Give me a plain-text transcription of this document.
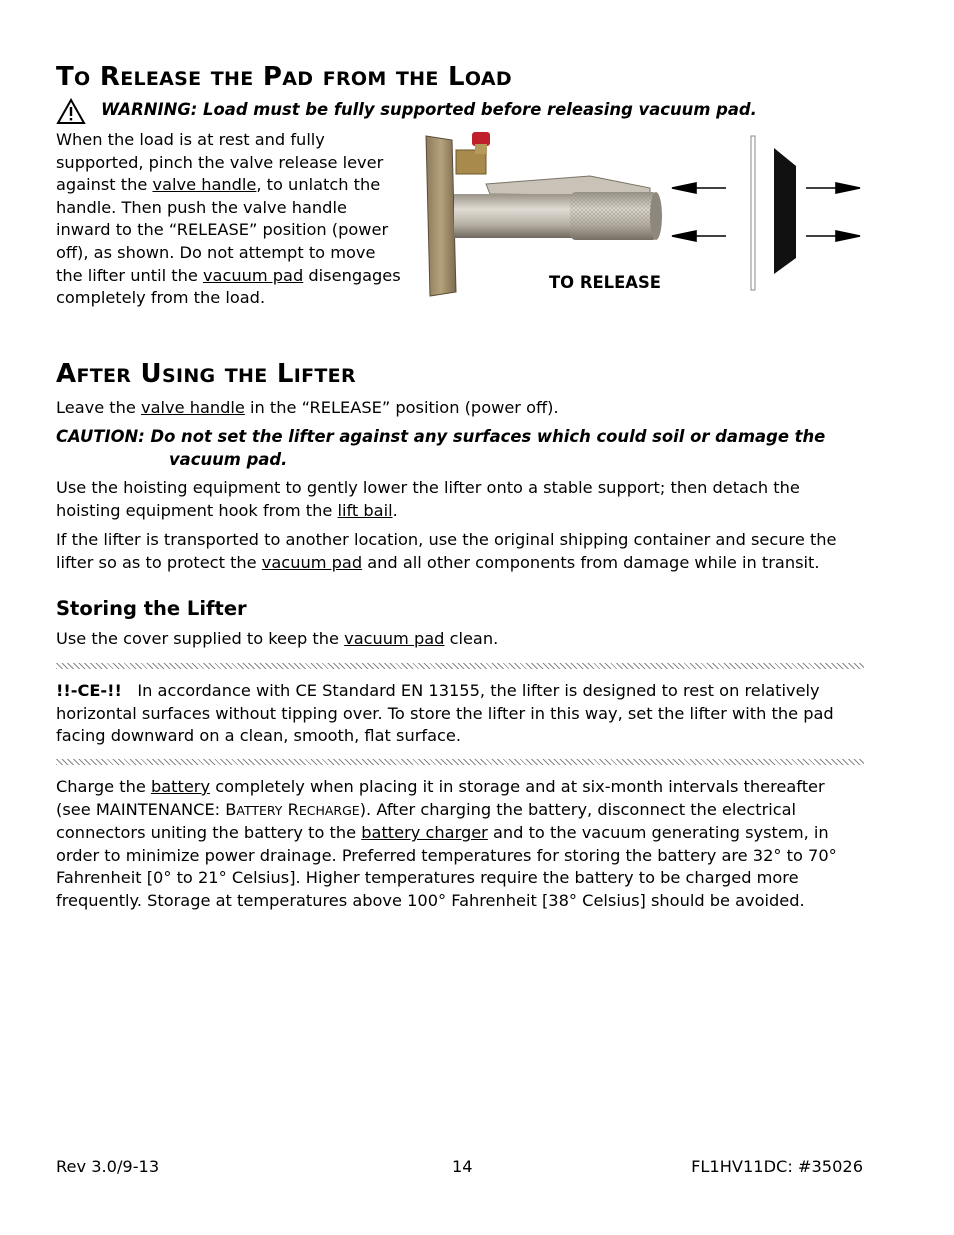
TO RELEASE THE PAD FROM THE LOAD
WARNING: Load must be fully supported before releasing vacuum pad.

When the load is at rest and fully

supported, pinch the valve release lever

against the valve handle, to unlatch the

handle. Then push the valve handle

inward to the “RELEASE” position (power

off), as shown. Do not attempt to move

the lifter until the vacuum pad disengages

completely from the load.

TO RELEASE
AFTER USING THE LIFTER
Leave the valve handle in the “RELEASE” position (power off).

CAUTION: Do not set the lifter against any surfaces which could soil or damage the

vacuum pad.

Use the hoisting equipment to gently lower the lifter onto a stable support; then detach the

hoisting equipment hook from the lift bail.

If the lifter is transported to another location, use the original shipping container and secure the

lifter so as to protect the vacuum pad and all other components from damage while in transit.

Storing the Lifter
Use the cover supplied to keep the vacuum pad clean.

!!-CE-!!   In accordance with CE Standard EN 13155, the lifter is designed to rest on relatively

horizontal surfaces without tipping over. To store the lifter in this way, set the lifter with the pad

facing downward on a clean, smooth, flat surface.

Charge the battery completely when placing it in storage and at six-month intervals thereafter

(see MAINTENANCE: BATTERY RECHARGE). After charging the battery, disconnect the electrical

connectors uniting the battery to the battery charger and to the vacuum generating system, in

order to minimize power drainage. Preferred temperatures for storing the battery are 32° to 70°

Fahrenheit [0° to 21° Celsius]. Higher temperatures require the battery to be charged more

frequently. Storage at temperatures above 100° Fahrenheit [38° Celsius] should be avoided.

Rev 3.0/9-13	14	FL1HV11DC: #35026
